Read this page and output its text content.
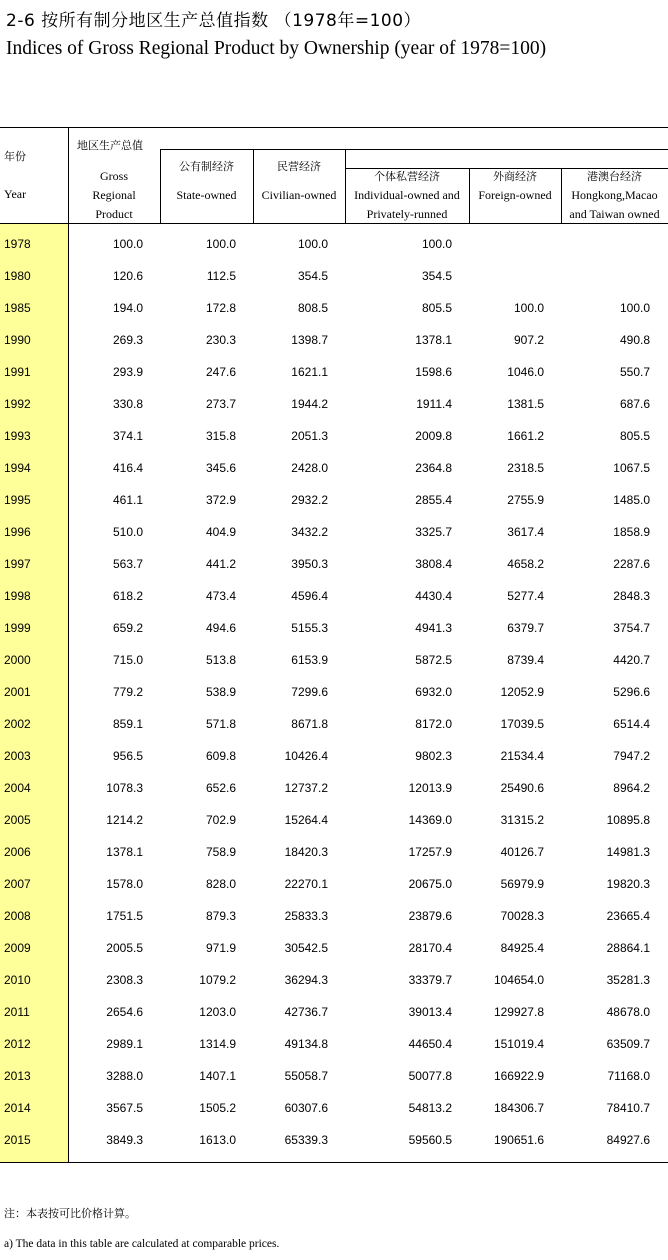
2-6 按所有制分地区生产总值指数 （1978年=100）
Indices of Gross Regional Product by Ownership (year of 1978=100)
年份
Year
地区生产总值
Gross
Regional
Product
公有制经济
State-owned
民营经济
Civilian-owned
个体私营经济
Individual-owned and
Privately-runned
外商经济
Foreign-owned
港澳台经济
Hongkong,Macao
and Taiwan owned
1978	100.0	100.0	100.0	100.0
1980	120.6	112.5	354.5	354.5
1985	194.0	172.8	808.5	805.5	100.0	100.0
1990	269.3	230.3	1398.7	1378.1	907.2	490.8
1991	293.9	247.6	1621.1	1598.6	1046.0	550.7
1992	330.8	273.7	1944.2	1911.4	1381.5	687.6
1993	374.1	315.8	2051.3	2009.8	1661.2	805.5
1994	416.4	345.6	2428.0	2364.8	2318.5	1067.5
1995	461.1	372.9	2932.2	2855.4	2755.9	1485.0
1996	510.0	404.9	3432.2	3325.7	3617.4	1858.9
1997	563.7	441.2	3950.3	3808.4	4658.2	2287.6
1998	618.2	473.4	4596.4	4430.4	5277.4	2848.3
1999	659.2	494.6	5155.3	4941.3	6379.7	3754.7
2000	715.0	513.8	6153.9	5872.5	8739.4	4420.7
2001	779.2	538.9	7299.6	6932.0	12052.9	5296.6
2002	859.1	571.8	8671.8	8172.0	17039.5	6514.4
2003	956.5	609.8	10426.4	9802.3	21534.4	7947.2
2004	1078.3	652.6	12737.2	12013.9	25490.6	8964.2
2005	1214.2	702.9	15264.4	14369.0	31315.2	10895.8
2006	1378.1	758.9	18420.3	17257.9	40126.7	14981.3
2007	1578.0	828.0	22270.1	20675.0	56979.9	19820.3
2008	1751.5	879.3	25833.3	23879.6	70028.3	23665.4
2009	2005.5	971.9	30542.5	28170.4	84925.4	28864.1
2010	2308.3	1079.2	36294.3	33379.7	104654.0	35281.3
2011	2654.6	1203.0	42736.7	39013.4	129927.8	48678.0
2012	2989.1	1314.9	49134.8	44650.4	151019.4	63509.7
2013	3288.0	1407.1	55058.7	50077.8	166922.9	71168.0
2014	3567.5	1505.2	60307.6	54813.2	184306.7	78410.7
2015	3849.3	1613.0	65339.3	59560.5	190651.6	84927.6
注：本表按可比价格计算。
a) The data in this table are calculated at comparable prices.
